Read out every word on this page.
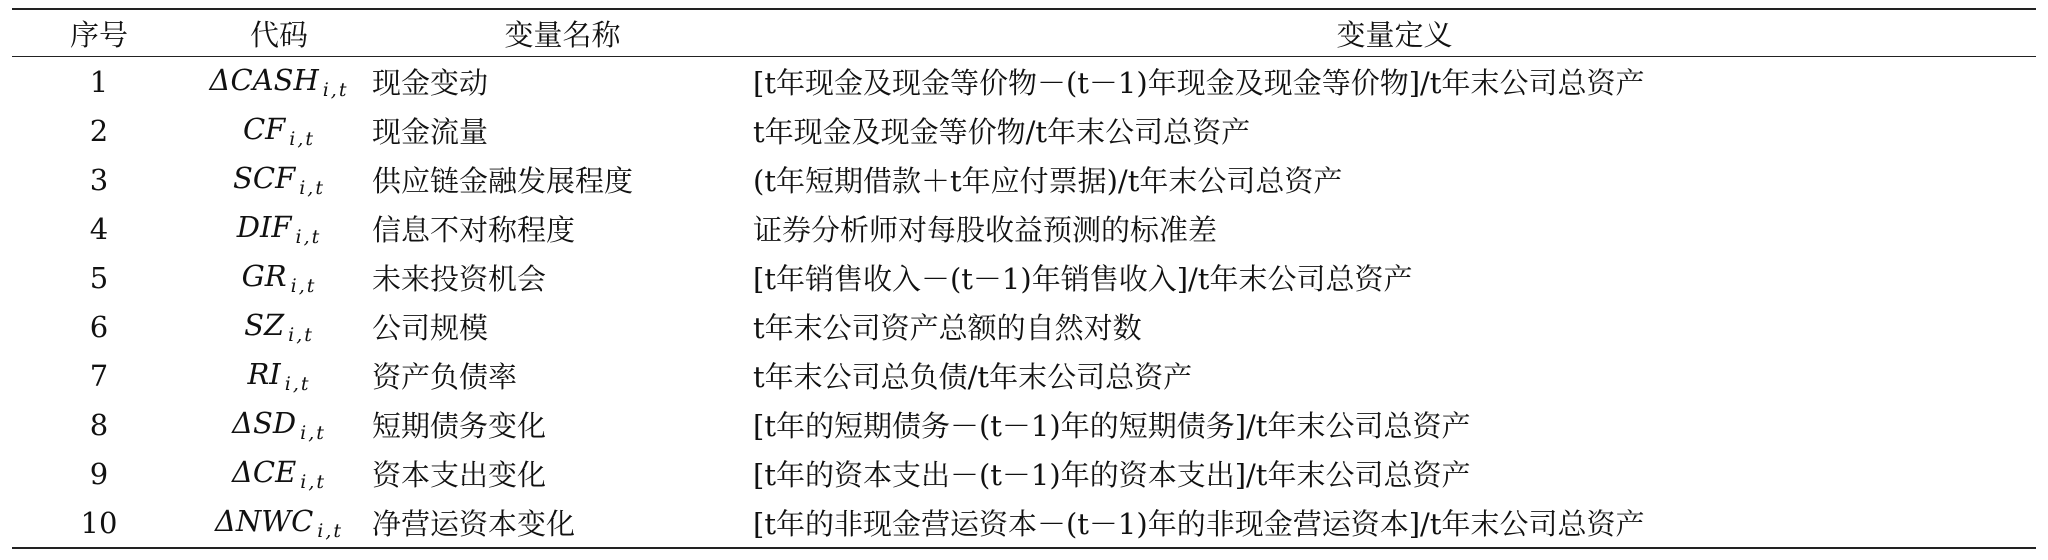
序号	代码	变量名称	变量定义
1	ΔCASH $_{i,t}$	现金变动	[t年现金及现金等价物－(t－1)年现金及现金等价物]/t年末公司总资产
2	CF $_{i,t}$	现金流量	t年现金及现金等价物/t年末公司总资产
3	SCF $_{i,t}$	供应链金融发展程度	(t年短期借款＋t年应付票据)/t年末公司总资产
4	DIF $_{i,t}$	信息不对称程度	证券分析师对每股收益预测的标准差
5	GR $_{i,t}$	未来投资机会	[t年销售收入－(t－1)年销售收入]/t年末公司总资产
6	SZ $_{i,t}$	公司规模	t年末公司资产总额的自然对数
7	RI $_{i,t}$	资产负债率	t年末公司总负债/t年末公司总资产
8	ΔSD $_{i,t}$	短期债务变化	[t年的短期债务－(t－1)年的短期债务]/t年末公司总资产
9	ΔCE $_{i,t}$	资本支出变化	[t年的资本支出－(t－1)年的资本支出]/t年末公司总资产
10	ΔNWC $_{i,t}$	净营运资本变化	[t年的非现金营运资本－(t－1)年的非现金营运资本]/t年末公司总资产
